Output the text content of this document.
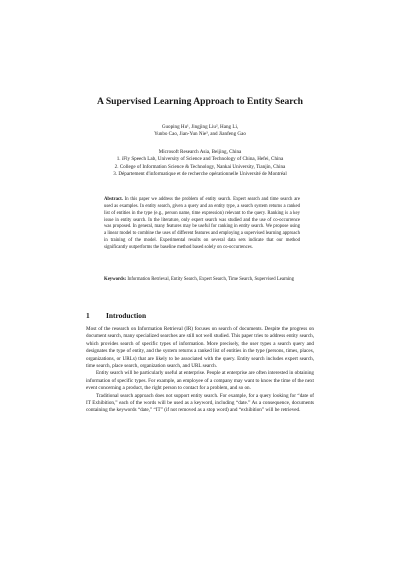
A Supervised Learning Approach to Entity Search
Guoping Hu¹, Jingjing Liu², Hang Li,
Yunbo Cao, Jian-Yun Nie³, and Jianfeng Gao
Microsoft Research Asia, Beijing, China
1. iFly Speech Lab, University of Science and Technology of China, Hefei, China
2. College of Information Science & Technology, Nankai University, Tianjin, China
3. Département d'informatique et de recherche opérationnelle Université de Montréal
Abstract. In this paper we address the problem of entity search. Expert search and time search are used as examples. In entity search, given a query and an entity type, a search system returns a ranked list of entities in the type (e.g., person name, time expression) relevant to the query. Ranking is a key issue in entity search. In the literature, only expert search was studied and the use of co-occurrence was proposed. In general, many features may be useful for ranking in entity search. We propose using a linear model to combine the uses of different features and employing a supervised learning approach in training of the model. Experimental results on several data sets indicate that our method significantly outperforms the baseline method based solely on co-occurrences.
Keywords: Information Retrieval, Entity Search, Expert Search, Time Search, Supervised Learning
1 Introduction

Most of the research on Information Retrieval (IR) focuses on search of documents. Despite the progress on document search, many specialized searches are still not well studied. This paper tries to address entity search, which provides search of specific types of information. More precisely, the user types a search query and designates the type of entity, and the system returns a ranked list of entities in the type (persons, times, places, organizations, or URLs) that are likely to be associated with the query. Entity search includes expert search, time search, place search, organization search, and URL search.

Entity search will be particularly useful at enterprise. People at enterprise are often interested in obtaining information of specific types. For example, an employee of a company may want to know the time of the next event concerning a product, the right person to contact for a problem, and so on.

Traditional search approach does not support entity search. For example, for a query looking for “date of IT Exhibition,” each of the words will be used as a keyword, including “date.” As a consequence, documents containing the keywords “date,” “IT” (if not removed as a stop word) and “exhibition” will be retrieved.
